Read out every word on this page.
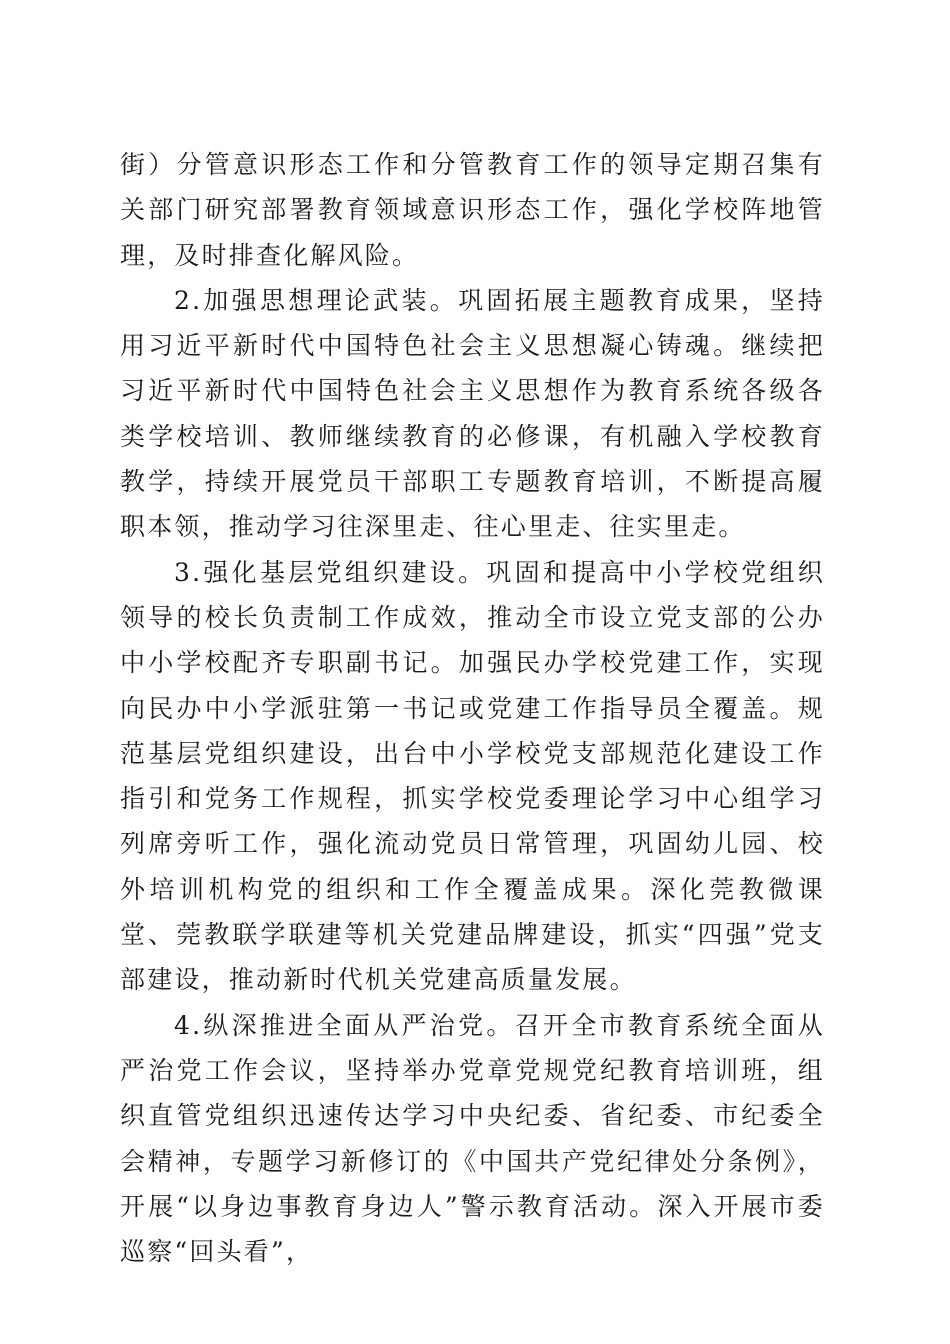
街）分管意识形态工作和分管教育工作的领导定期召集有关部门研究部署教育领域意识形态工作，强化学校阵地管理，及时排查化解风险。

2.加强思想理论武装。巩固拓展主题教育成果，坚持用习近平新时代中国特色社会主义思想凝心铸魂。继续把习近平新时代中国特色社会主义思想作为教育系统各级各类学校培训、教师继续教育的必修课，有机融入学校教育教学，持续开展党员干部职工专题教育培训，不断提高履职本领，推动学习往深里走、往心里走、往实里走。

3.强化基层党组织建设。巩固和提高中小学校党组织领导的校长负责制工作成效，推动全市设立党支部的公办中小学校配齐专职副书记。加强民办学校党建工作，实现向民办中小学派驻第一书记或党建工作指导员全覆盖。规范基层党组织建设，出台中小学校党支部规范化建设工作指引和党务工作规程，抓实学校党委理论学习中心组学习列席旁听工作，强化流动党员日常管理，巩固幼儿园、校外培训机构党的组织和工作全覆盖成果。深化莞教微课堂、莞教联学联建等机关党建品牌建设，抓实“四强”党支部建设，推动新时代机关党建高质量发展。

4.纵深推进全面从严治党。召开全市教育系统全面从严治党工作会议，坚持举办党章党规党纪教育培训班，组织直管党组织迅速传达学习中央纪委、省纪委、市纪委全会精神，专题学习新修订的《中国共产党纪律处分条例》，开展“以身边事教育身边人”警示教育活动。深入开展市委巡察“回头看”，
